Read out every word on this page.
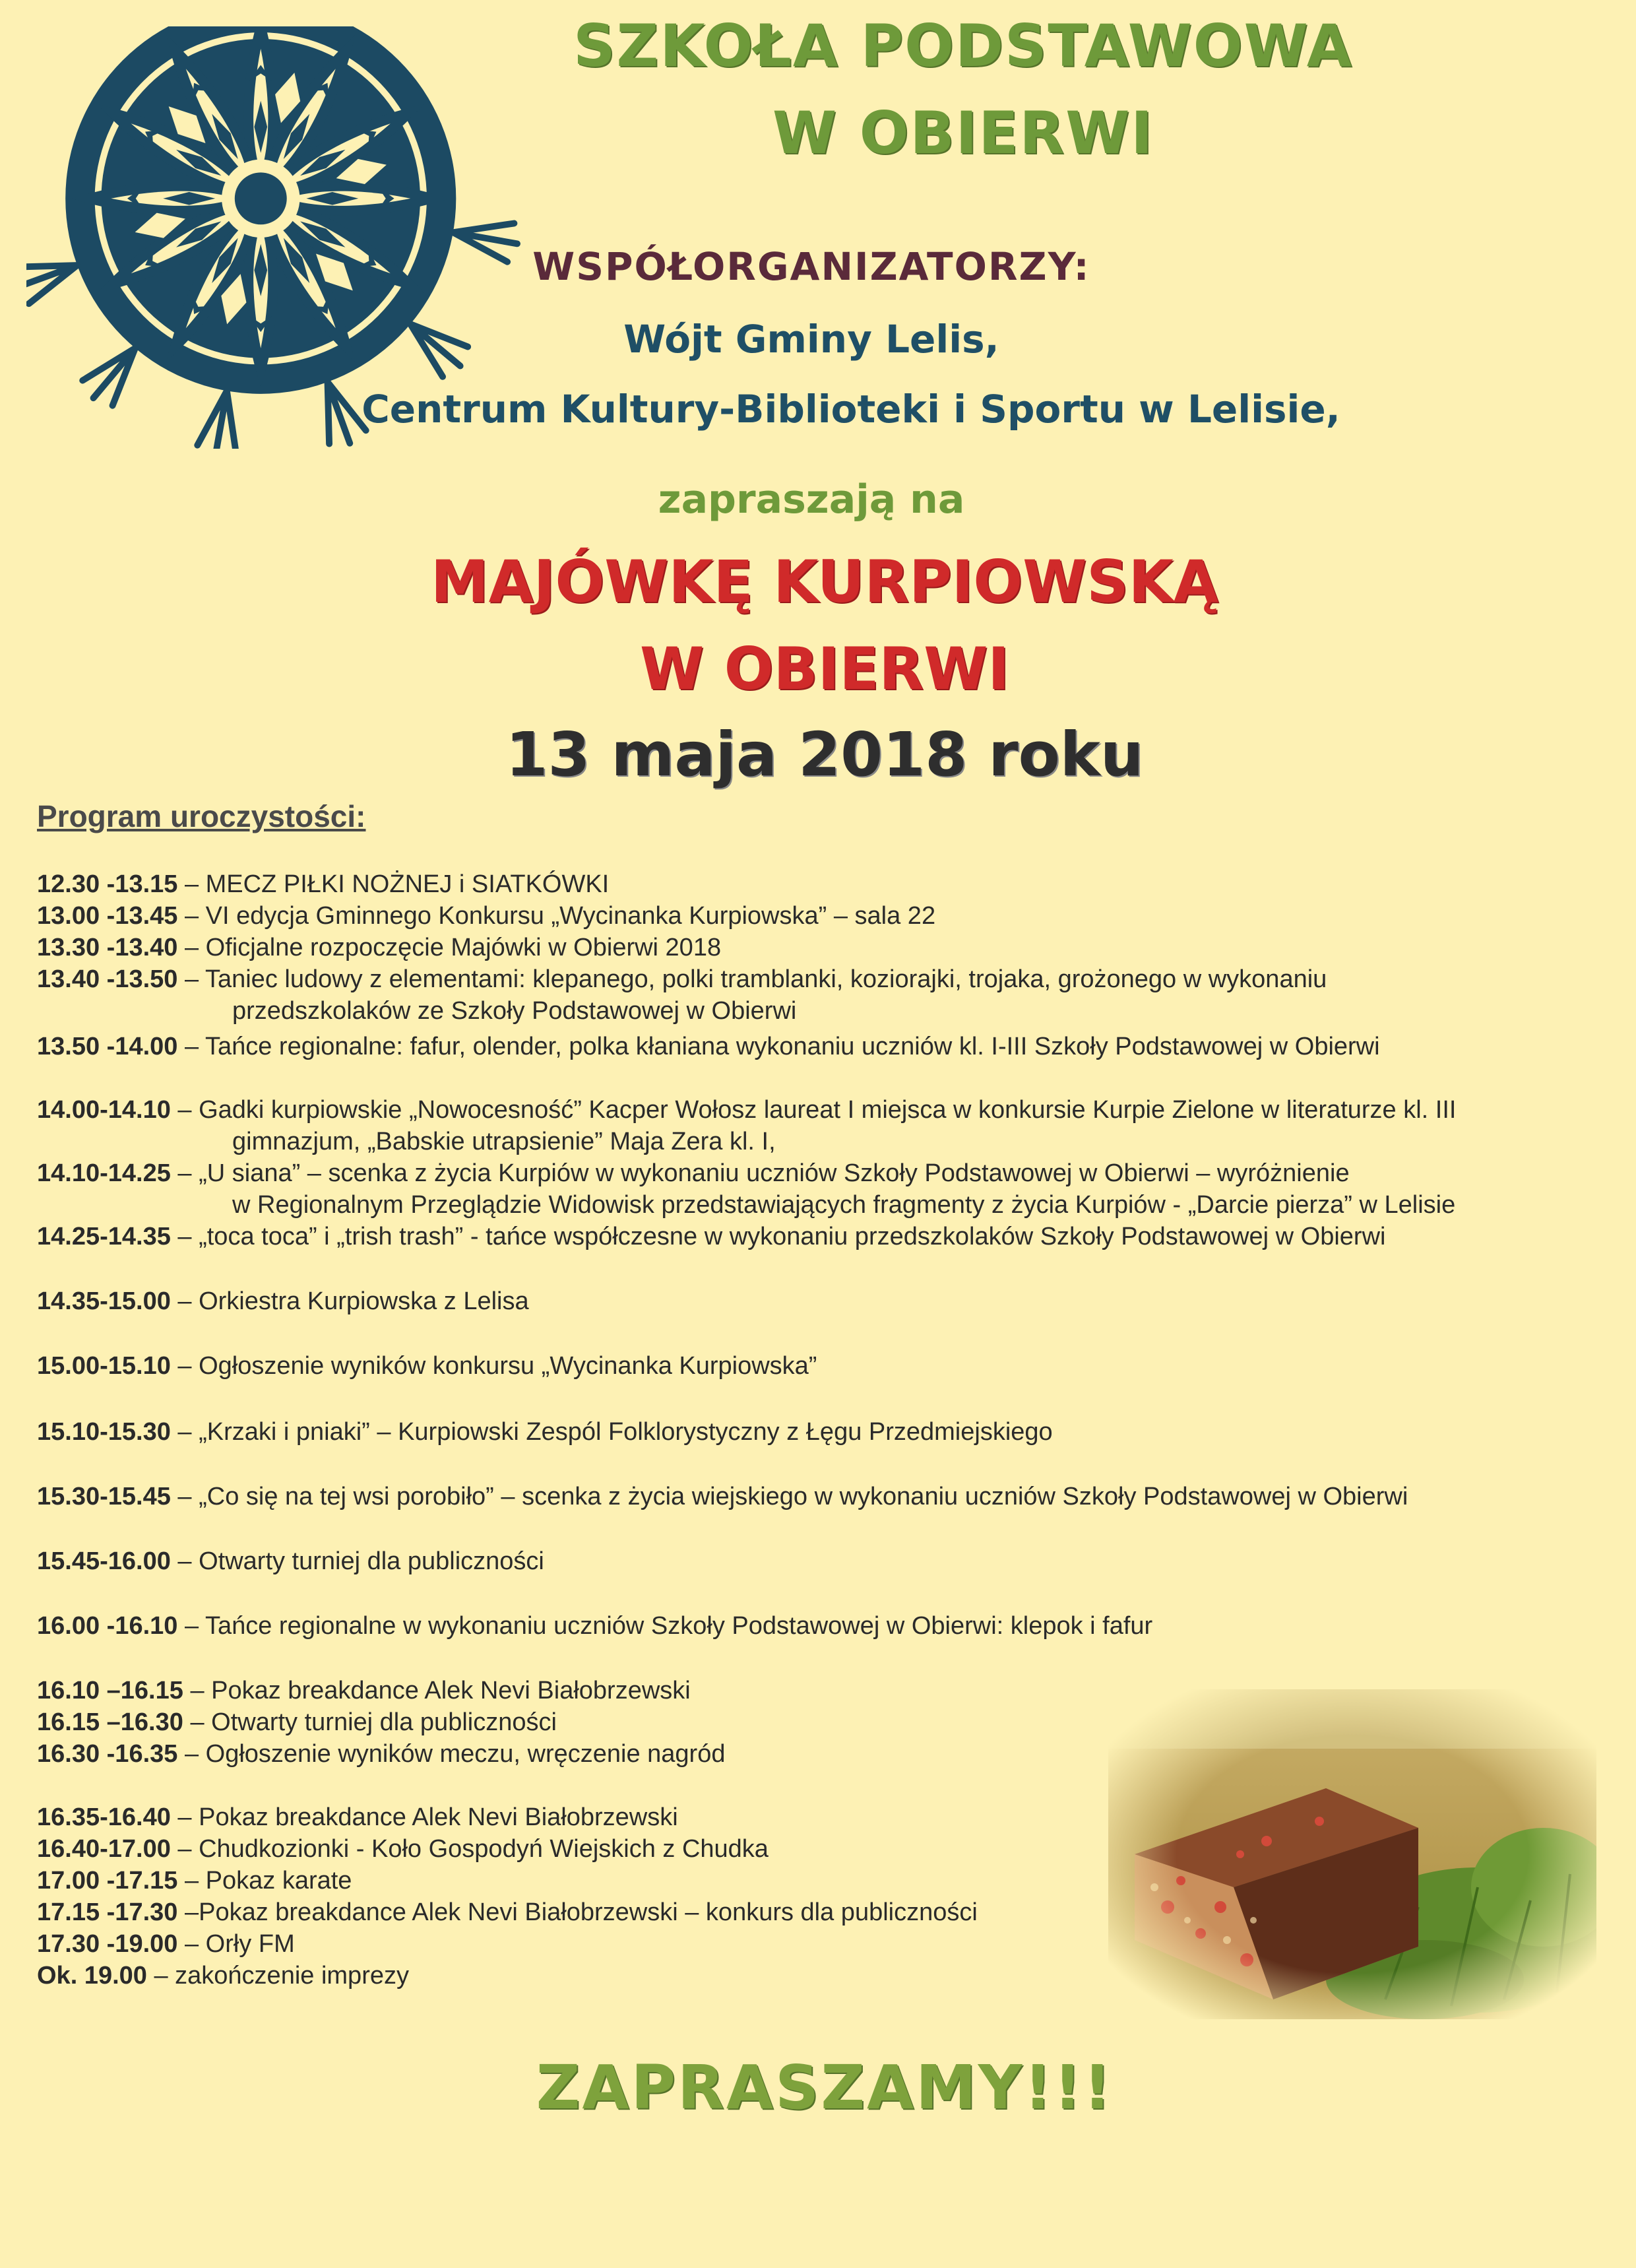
SZKOŁA PODSTAWOWA
W OBIERWI
WSPÓŁORGANIZATORZY:
Wójt Gminy Lelis,
Centrum Kultury-Biblioteki i Sportu w Lelisie,
zapraszają na
MAJÓWKĘ KURPIOWSKĄ
W OBIERWI
13 maja 2018 roku
Program uroczystości:
12.30 -13.15 – MECZ PIŁKI NOŻNEJ i SIATKÓWKI
13.00 -13.45 – VI edycja Gminnego Konkursu „Wycinanka Kurpiowska” – sala 22
13.30 -13.40 – Oficjalne rozpoczęcie Majówki w Obierwi 2018
13.40 -13.50 – Taniec ludowy z elementami: klepanego, polki tramblanki, koziorajki, trojaka, grożonego w wykonaniu
przedszkolaków ze Szkoły Podstawowej w Obierwi
13.50 -14.00 – Tańce regionalne: fafur, olender, polka kłaniana wykonaniu uczniów kl. I-III Szkoły Podstawowej w Obierwi
14.00-14.10 – Gadki kurpiowskie „Nowocesność” Kacper Wołosz laureat I miejsca w konkursie Kurpie Zielone w literaturze kl. III
gimnazjum, „Babskie utrapsienie” Maja Zera kl. I,
14.10-14.25 – „U siana” – scenka z życia Kurpiów w wykonaniu uczniów Szkoły Podstawowej w Obierwi – wyróżnienie
w Regionalnym Przeglądzie Widowisk przedstawiających fragmenty z życia Kurpiów - „Darcie pierza” w Lelisie
14.25-14.35 – „toca toca” i „trish trash” - tańce współczesne w wykonaniu przedszkolaków Szkoły Podstawowej w Obierwi
14.35-15.00 – Orkiestra Kurpiowska z Lelisa
15.00-15.10 – Ogłoszenie wyników konkursu „Wycinanka Kurpiowska”
15.10-15.30 – „Krzaki i pniaki” – Kurpiowski Zespól Folklorystyczny z Łęgu Przedmiejskiego
15.30-15.45 – „Co się na tej wsi porobiło” – scenka z życia wiejskiego w wykonaniu uczniów Szkoły Podstawowej w Obierwi
15.45-16.00 – Otwarty turniej dla publiczności
16.00 -16.10 – Tańce regionalne w wykonaniu uczniów Szkoły Podstawowej w Obierwi: klepok i fafur
16.10 –16.15 – Pokaz breakdance Alek Nevi Białobrzewski
16.15 –16.30 – Otwarty turniej dla publiczności
16.30 -16.35 – Ogłoszenie wyników meczu, wręczenie nagród
16.35-16.40 – Pokaz breakdance Alek Nevi Białobrzewski
16.40-17.00 – Chudkozionki - Koło Gospodyń Wiejskich z Chudka
17.00 -17.15 – Pokaz karate
17.15 -17.30 –Pokaz breakdance Alek Nevi Białobrzewski – konkurs dla publiczności
17.30 -19.00 – Orły FM
Ok. 19.00 – zakończenie imprezy
ZAPRASZAMY!!!
